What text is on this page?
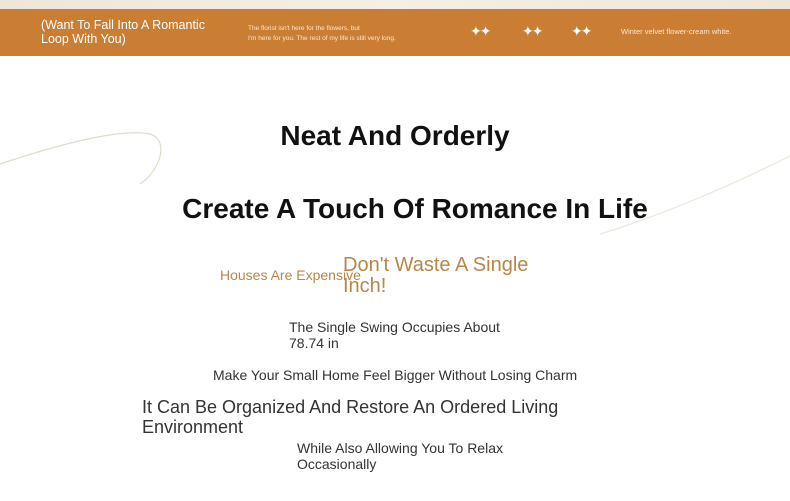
(Want To Fall Into A Romantic Loop With You)
The florist isn't here for the flowers, but
I'm here for you. The rest of my life is still very long.	✦✦ ✦✦ ✦✦	Winter velvet flower-cream white.
Neat And Orderly
Create A Touch Of Romance In Life
Houses Are Expensive
Don't Waste A Single Inch!
The Single Swing Occupies About 78.74 in
Make Your Small Home Feel Bigger Without Losing Charm
It Can Be Organized And Restore An Ordered Living Environment
While Also Allowing You To Relax Occasionally
